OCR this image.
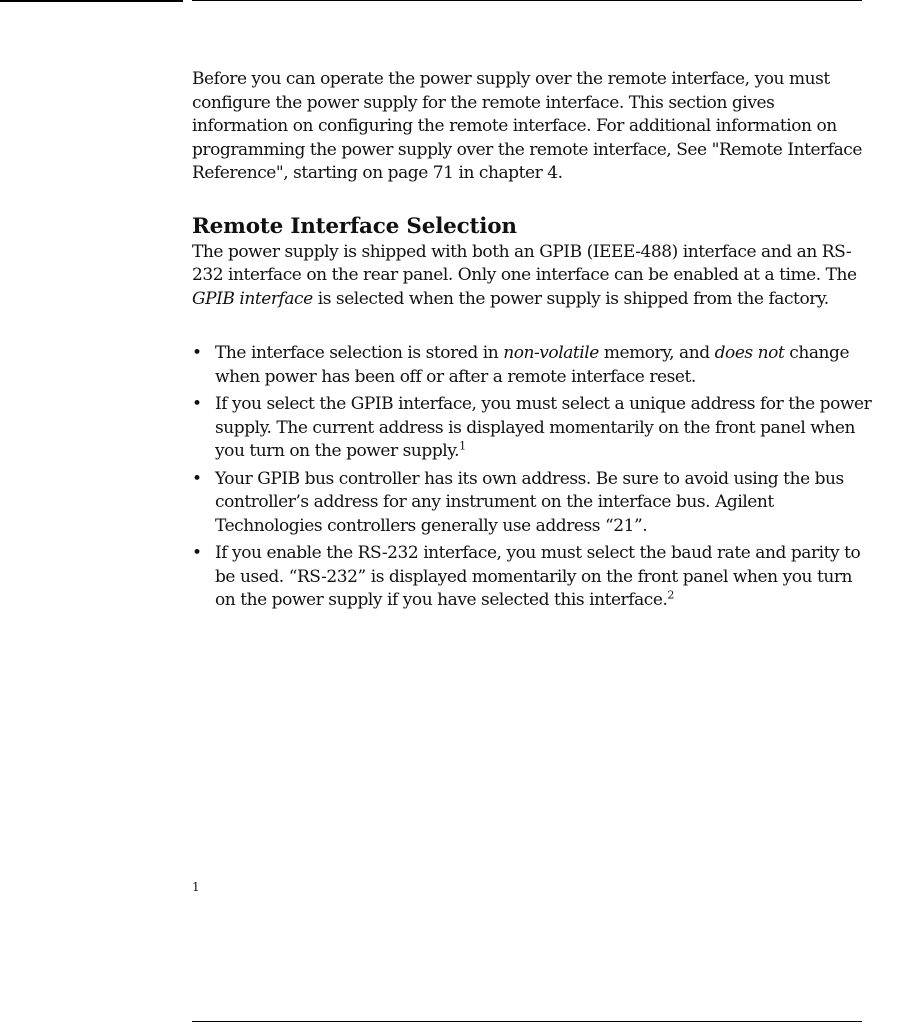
Before you can operate the power supply over the remote interface, you must configure the power supply for the remote interface. This section gives information on configuring the remote interface. For additional information on programming the power supply over the remote interface, See "Remote Interface Reference", starting on page 71 in chapter 4.

Remote Interface Selection

The power supply is shipped with both an GPIB (IEEE-488) interface and an RS-232 interface on the rear panel. Only one interface can be enabled at a time. The GPIB interface is selected when the power supply is shipped from the factory.

• The interface selection is stored in non-volatile memory, and does not change when power has been off or after a remote interface reset.
• If you select the GPIB interface, you must select a unique address for the power supply. The current address is displayed momentarily on the front panel when you turn on the power supply.$^1$
• Your GPIB bus controller has its own address. Be sure to avoid using the bus controller’s address for any instrument on the interface bus. Agilent Technologies controllers generally use address “21”.
• If you enable the RS-232 interface, you must select the baud rate and parity to be used. “RS-232” is displayed momentarily on the front panel when you turn on the power supply if you have selected this interface.$^2$
1
